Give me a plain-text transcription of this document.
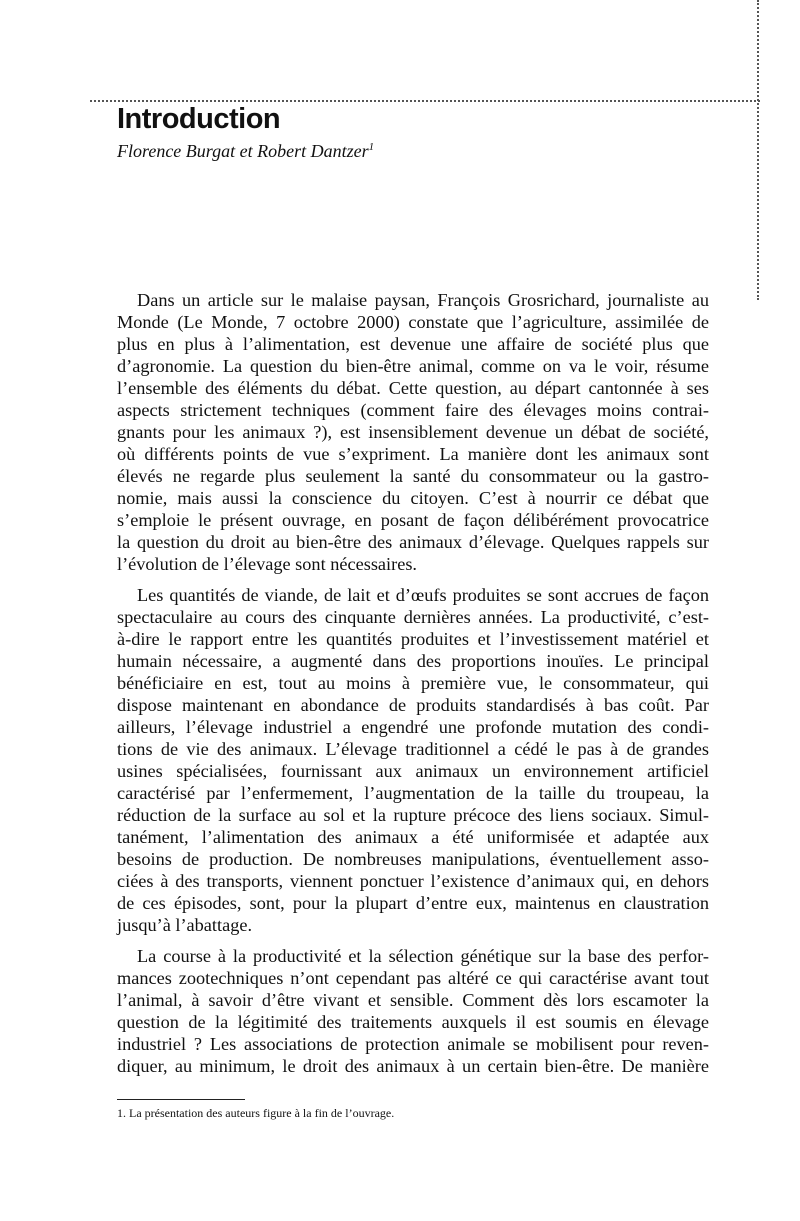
Introduction
Florence Burgat et Robert Dantzer$^1$
Dans un article sur le malaise paysan, François Grosrichard, journaliste au
Monde (Le Monde, 7 octobre 2000) constate que l’agriculture, assimilée de
plus en plus à l’alimentation, est devenue une affaire de société plus que
d’agronomie. La question du bien-être animal, comme on va le voir, résume
l’ensemble des éléments du débat. Cette question, au départ cantonnée à ses
aspects strictement techniques (comment faire des élevages moins contrai-
gnants pour les animaux ?), est insensiblement devenue un débat de société,
où différents points de vue s’expriment. La manière dont les animaux sont
élevés ne regarde plus seulement la santé du consommateur ou la gastro-
nomie, mais aussi la conscience du citoyen. C’est à nourrir ce débat que
s’emploie le présent ouvrage, en posant de façon délibérément provocatrice
la question du droit au bien-être des animaux d’élevage. Quelques rappels sur
l’évolution de l’élevage sont nécessaires.
Les quantités de viande, de lait et d’œufs produites se sont accrues de façon
spectaculaire au cours des cinquante dernières années. La productivité, c’est-
à-dire le rapport entre les quantités produites et l’investissement matériel et
humain nécessaire, a augmenté dans des proportions inouïes. Le principal
bénéficiaire en est, tout au moins à première vue, le consommateur, qui
dispose maintenant en abondance de produits standardisés à bas coût. Par
ailleurs, l’élevage industriel a engendré une profonde mutation des condi-
tions de vie des animaux. L’élevage traditionnel a cédé le pas à de grandes
usines spécialisées, fournissant aux animaux un environnement artificiel
caractérisé par l’enfermement, l’augmentation de la taille du troupeau, la
réduction de la surface au sol et la rupture précoce des liens sociaux. Simul-
tanément, l’alimentation des animaux a été uniformisée et adaptée aux
besoins de production. De nombreuses manipulations, éventuellement asso-
ciées à des transports, viennent ponctuer l’existence d’animaux qui, en dehors
de ces épisodes, sont, pour la plupart d’entre eux, maintenus en claustration
jusqu’à l’abattage.
La course à la productivité et la sélection génétique sur la base des perfor-
mances zootechniques n’ont cependant pas altéré ce qui caractérise avant tout
l’animal, à savoir d’être vivant et sensible. Comment dès lors escamoter la
question de la légitimité des traitements auxquels il est soumis en élevage
industriel ? Les associations de protection animale se mobilisent pour reven-
diquer, au minimum, le droit des animaux à un certain bien-être. De manière
1. La présentation des auteurs figure à la fin de l’ouvrage.
